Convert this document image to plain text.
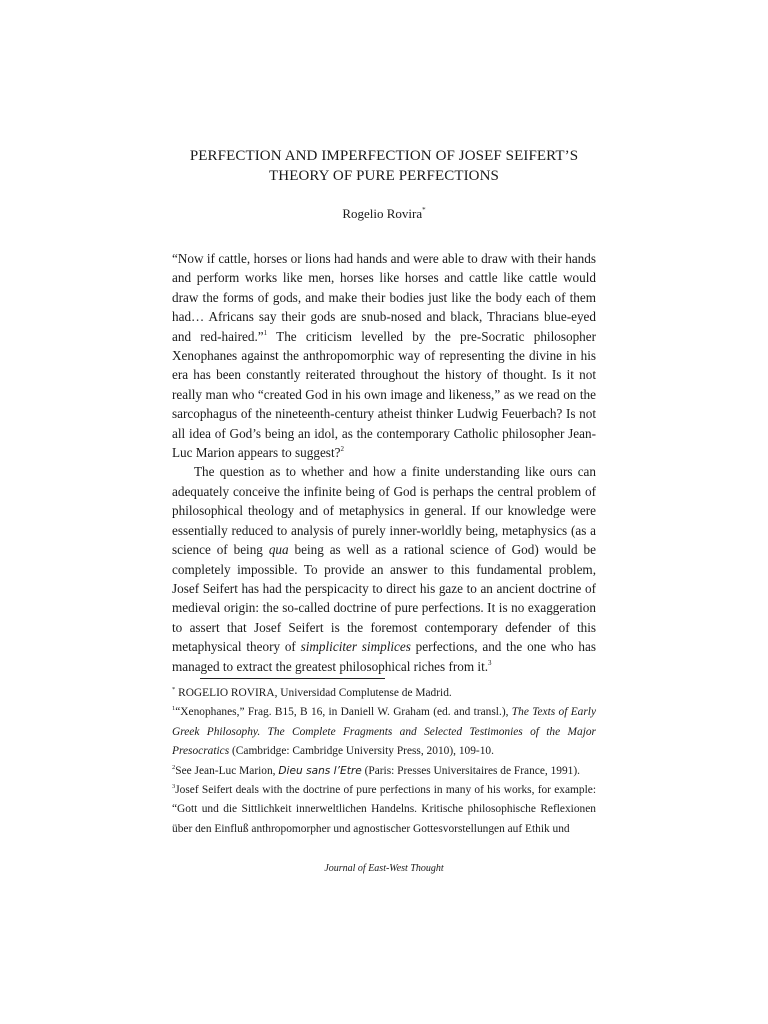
PERFECTION AND IMPERFECTION OF JOSEF SEIFERT’S
THEORY OF PURE PERFECTIONS
Rogelio Rovira*

“Now if cattle, horses or lions had hands and were able to draw with their hands and perform works like men, horses like horses and cattle like cattle would draw the forms of gods, and make their bodies just like the body each of them had… Africans say their gods are snub-nosed and black, Thracians blue-eyed and red-haired.”$^1$ The criticism levelled by the pre-Socratic philosopher Xenophanes against the anthropomorphic way of representing the divine in his era has been constantly reiterated throughout the history of thought. Is it not really man who “created God in his own image and likeness,” as we read on the sarcophagus of the nineteenth-century atheist thinker Ludwig Feuerbach? Is not all idea of God’s being an idol, as the contemporary Catholic philosopher Jean-Luc Marion appears to suggest?$^2$

The question as to whether and how a finite understanding like ours can adequately conceive the infinite being of God is perhaps the central problem of philosophical theology and of metaphysics in general. If our knowledge were essentially reduced to analysis of purely inner-worldly being, metaphysics (as a science of being qua being as well as a rational science of God) would be completely impossible. To provide an answer to this fundamental problem, Josef Seifert has had the perspicacity to direct his gaze to an ancient doctrine of medieval origin: the so-called doctrine of pure perfections. It is no exaggeration to assert that Josef Seifert is the foremost contemporary defender of this metaphysical theory of simpliciter simplices perfections, and the one who has managed to extract the greatest philosophical riches from it.$^3$

* ROGELIO ROVIRA, Universidad Complutense de Madrid.

$^1$“Xenophanes,” Frag. B15, B 16, in Daniell W. Graham (ed. and transl.), The Texts of Early Greek Philosophy. The Complete Fragments and Selected Testimonies of the Major Presocratics (Cambridge: Cambridge University Press, 2010), 109-10.

$^2$See Jean-Luc Marion, Dieu sans l’Etre (Paris: Presses Universitaires de France, 1991).

$^3$Josef Seifert deals with the doctrine of pure perfections in many of his works, for example: “Gott und die Sittlichkeit innerweltlichen Handelns. Kritische philosophische Reflexionen über den Einfluß anthropomorpher und agnostischer Gottesvorstellungen auf Ethik und

Journal of East-West Thought
